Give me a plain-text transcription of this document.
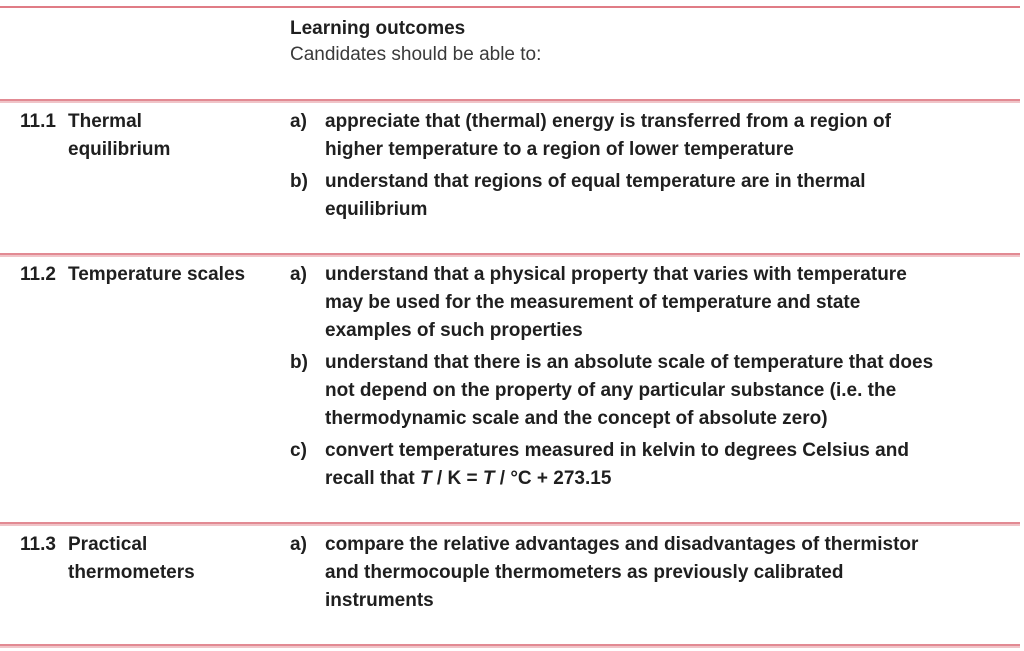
Learning outcomes
Candidates should be able to:
11.1 Thermal
equilibrium
a) appreciate that (thermal) energy is transferred from a region of
higher temperature to a region of lower temperature
b) understand that regions of equal temperature are in thermal
equilibrium
11.2 Temperature scales a) understand that a physical property that varies with temperature
may be used for the measurement of temperature and state
examples of such properties
b) understand that there is an absolute scale of temperature that does
not depend on the property of any particular substance (i.e. the
thermodynamic scale and the concept of absolute zero)
c) convert temperatures measured in kelvin to degrees Celsius and
recall that T / K = T / °C + 273.15
11.3 Practical
thermometers
a) compare the relative advantages and disadvantages of thermistor
and thermocouple thermometers as previously calibrated
instruments
